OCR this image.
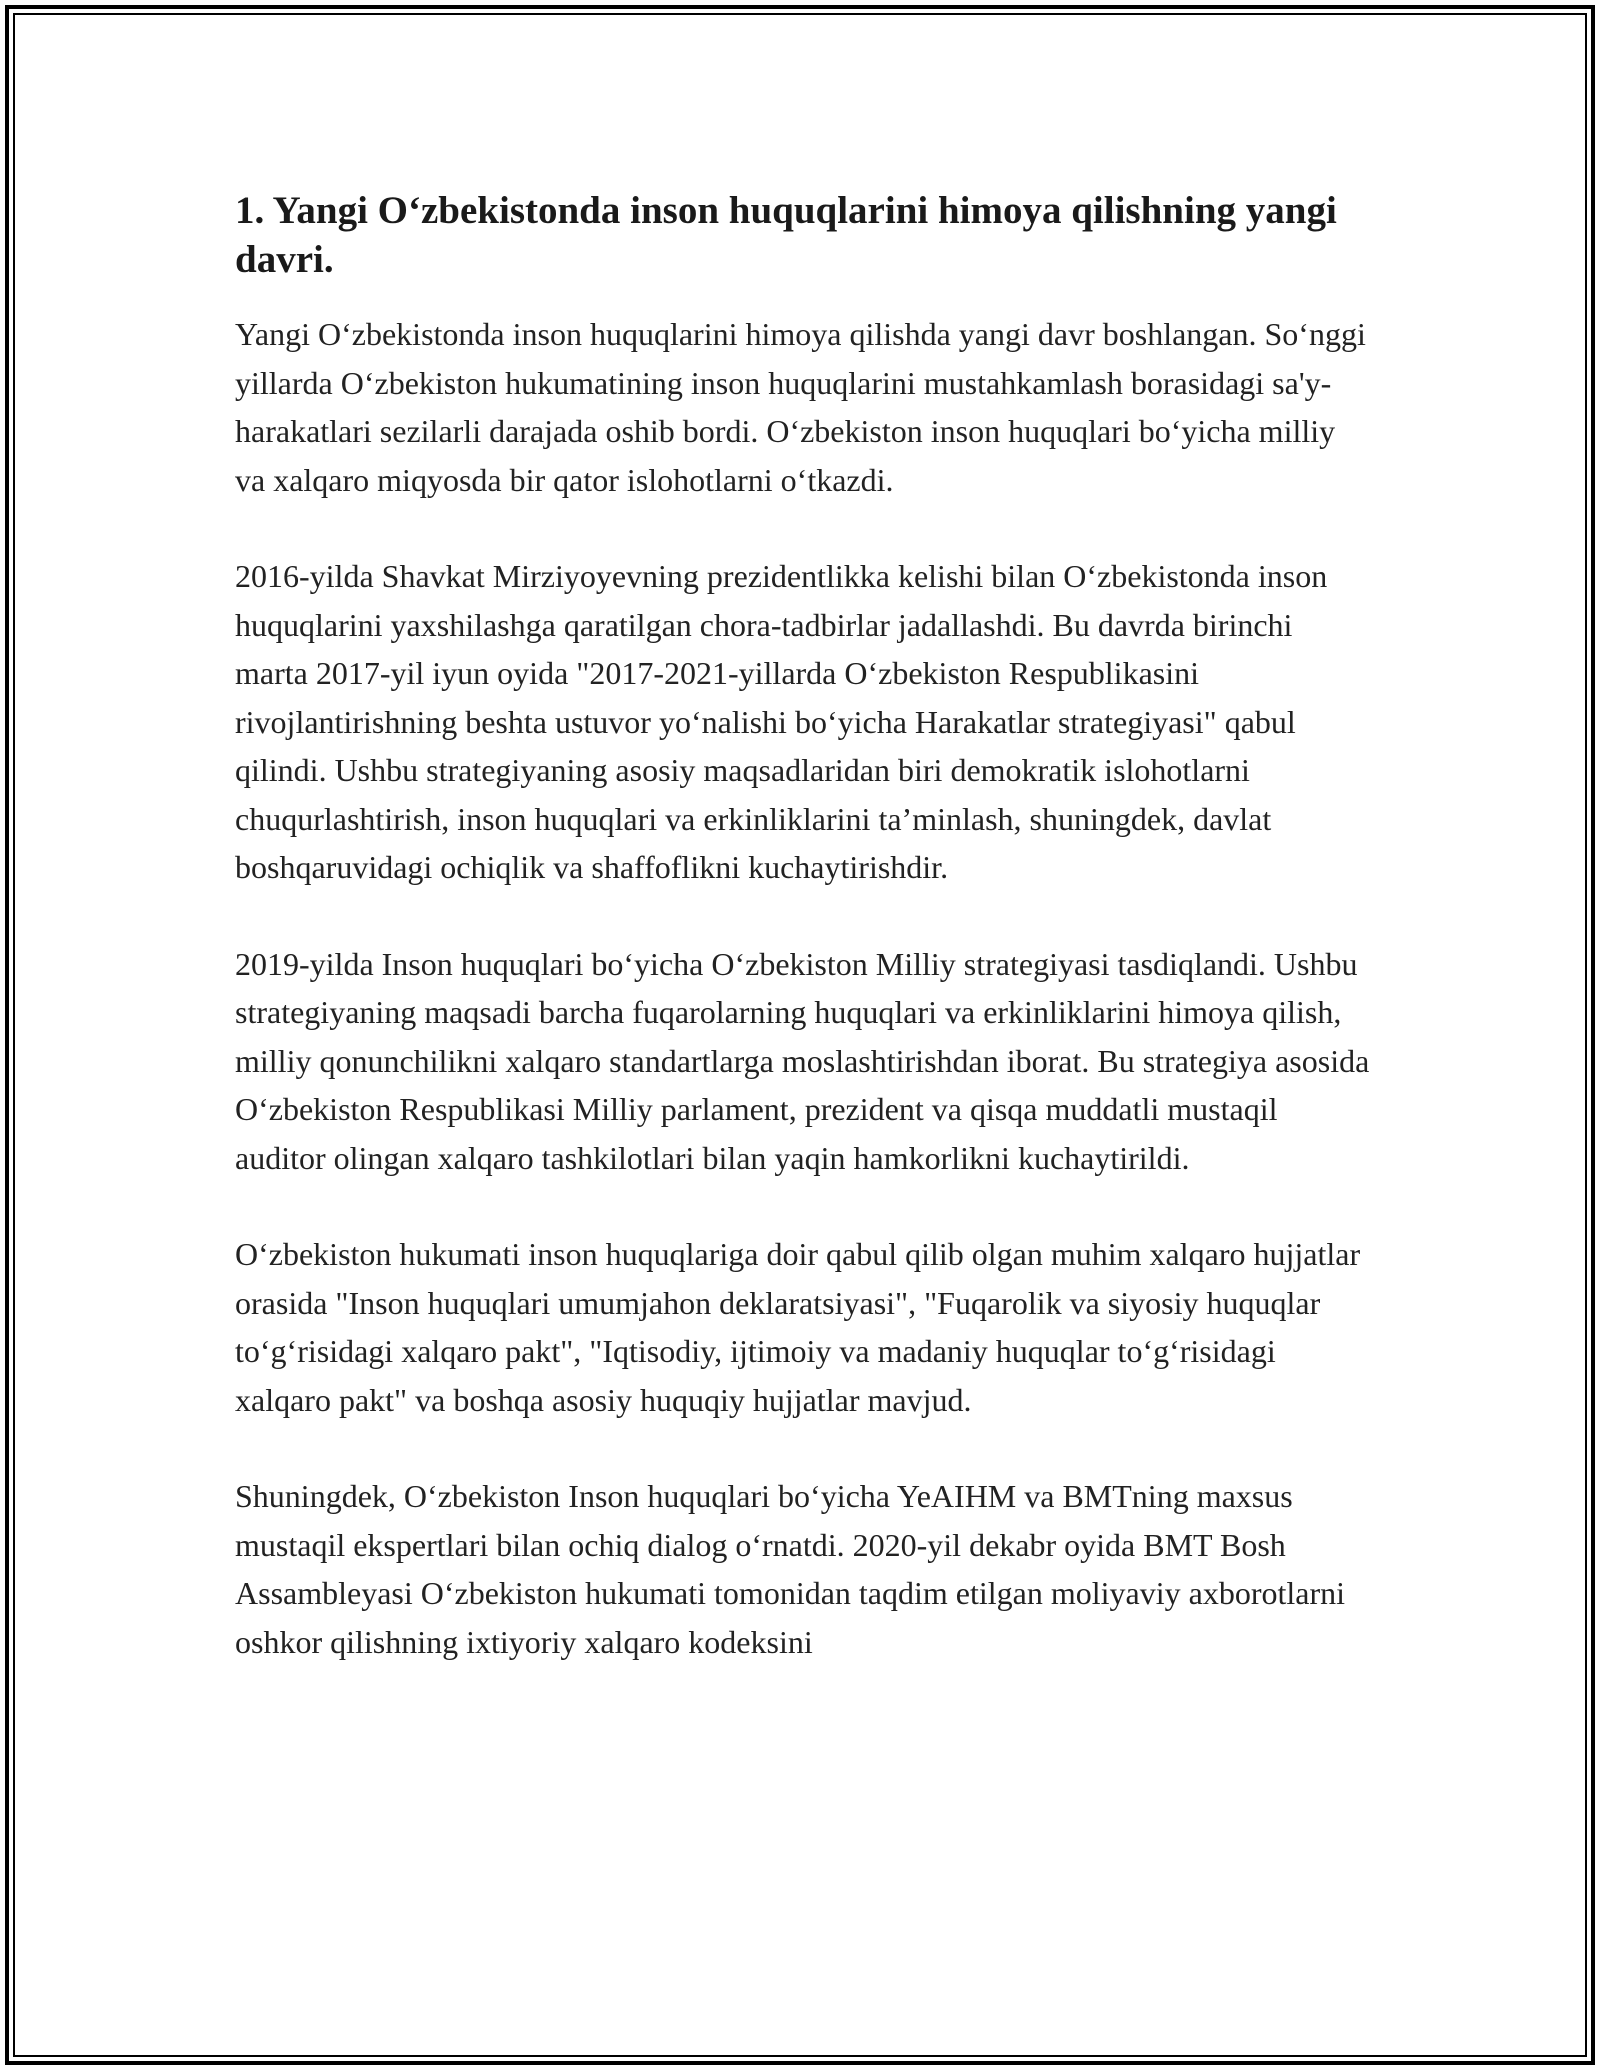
1. Yangi O‘zbekistonda inson huquqlarini himoya qilishning yangi davri.

Yangi O‘zbekistonda inson huquqlarini himoya qilishda yangi davr boshlangan. So‘nggi yillarda O‘zbekiston hukumatining inson huquqlarini mustahkamlash borasidagi sa'y-harakatlari sezilarli darajada oshib bordi. O‘zbekiston inson huquqlari bo‘yicha milliy va xalqaro miqyosda bir qator islohotlarni o‘tkazdi.

2016-yilda Shavkat Mirziyoyevning prezidentlikka kelishi bilan O‘zbekistonda inson huquqlarini yaxshilashga qaratilgan chora-tadbirlar jadallashdi. Bu davrda birinchi marta 2017-yil iyun oyida "2017-2021-yillarda O‘zbekiston Respublikasini rivojlantirishning beshta ustuvor yo‘nalishi bo‘yicha Harakatlar strategiyasi" qabul qilindi. Ushbu strategiyaning asosiy maqsadlaridan biri demokratik islohotlarni chuqurlashtirish, inson huquqlari va erkinliklarini ta’minlash, shuningdek, davlat boshqaruvidagi ochiqlik va shaffoflikni kuchaytirishdir.

2019-yilda Inson huquqlari bo‘yicha O‘zbekiston Milliy strategiyasi tasdiqlandi. Ushbu strategiyaning maqsadi barcha fuqarolarning huquqlari va erkinliklarini himoya qilish, milliy qonunchilikni xalqaro standartlarga moslashtirishdan iborat. Bu strategiya asosida O‘zbekiston Respublikasi Milliy parlament, prezident va qisqa muddatli mustaqil auditor olingan xalqaro tashkilotlari bilan yaqin hamkorlikni kuchaytirildi.

O‘zbekiston hukumati inson huquqlariga doir qabul qilib olgan muhim xalqaro hujjatlar orasida "Inson huquqlari umumjahon deklaratsiyasi", "Fuqarolik va siyosiy huquqlar to‘g‘risidagi xalqaro pakt", "Iqtisodiy, ijtimoiy va madaniy huquqlar to‘g‘risidagi xalqaro pakt" va boshqa asosiy huquqiy hujjatlar mavjud.

Shuningdek, O‘zbekiston Inson huquqlari bo‘yicha YeAIHM va BMTning maxsus mustaqil ekspertlari bilan ochiq dialog o‘rnatdi. 2020-yil dekabr oyida BMT Bosh Assambleyasi O‘zbekiston hukumati tomonidan taqdim etilgan moliyaviy axborotlarni oshkor qilishning ixtiyoriy xalqaro kodeksini
